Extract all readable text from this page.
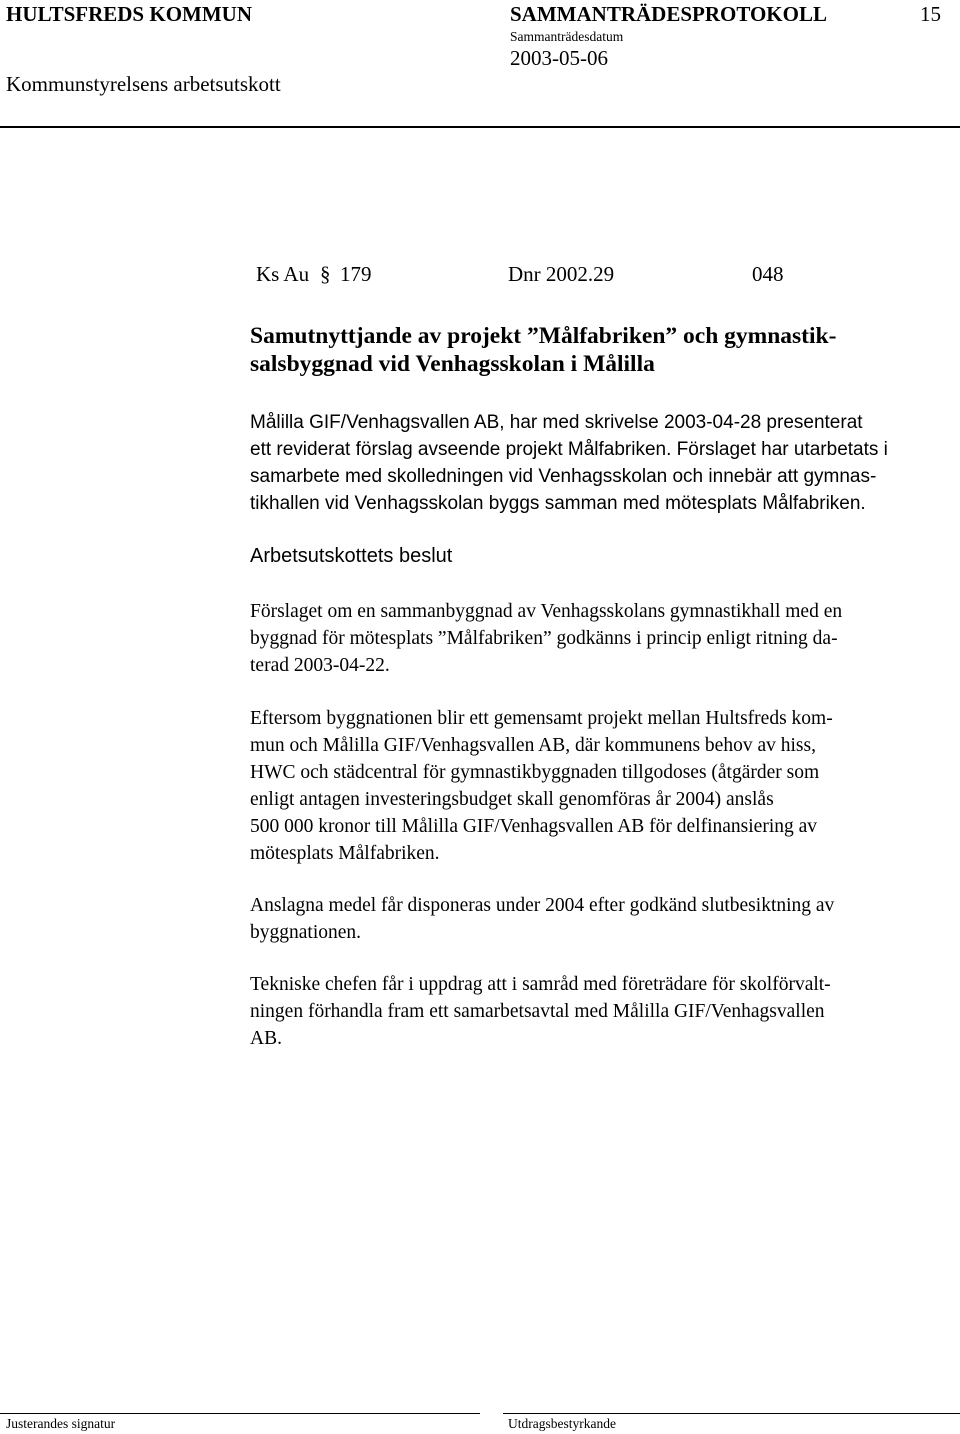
HULTSFREDS KOMMUN	SAMMANTRÄDESPROTOKOLL	15
Sammanträdesdatum
2003-05-06
Kommunstyrelsens arbetsutskott
Ks Au § 179	Dnr 2002.29	048
Samutnyttjande av projekt ”Målfabriken” och gymnastik-
salsbyggnad vid Venhagsskolan i Målilla
Målilla GIF/Venhagsvallen AB, har med skrivelse 2003-04-28 presenterat
ett reviderat förslag avseende projekt Målfabriken. Förslaget har utarbetats i
samarbete med skolledningen vid Venhagsskolan och innebär att gymnas-
tikhallen vid Venhagsskolan byggs samman med mötesplats Målfabriken.
Arbetsutskottets beslut
Förslaget om en sammanbyggnad av Venhagsskolans gymnastikhall med en
byggnad för mötesplats ”Målfabriken” godkänns i princip enligt ritning da-
terad 2003-04-22.
Eftersom byggnationen blir ett gemensamt projekt mellan Hultsfreds kom-
mun och Målilla GIF/Venhagsvallen AB, där kommunens behov av hiss,
HWC och städcentral för gymnastikbyggnaden tillgodoses (åtgärder som
enligt antagen investeringsbudget skall genomföras år 2004) anslås
500 000 kronor till Målilla GIF/Venhagsvallen AB för delfinansiering av
mötesplats Målfabriken.
Anslagna medel får disponeras under 2004 efter godkänd slutbesiktning av
byggnationen.
Tekniske chefen får i uppdrag att i samråd med företrädare för skolförvalt-
ningen förhandla fram ett samarbetsavtal med Målilla GIF/Venhagsvallen
AB.
Justerandes signatur	Utdragsbestyrkande
